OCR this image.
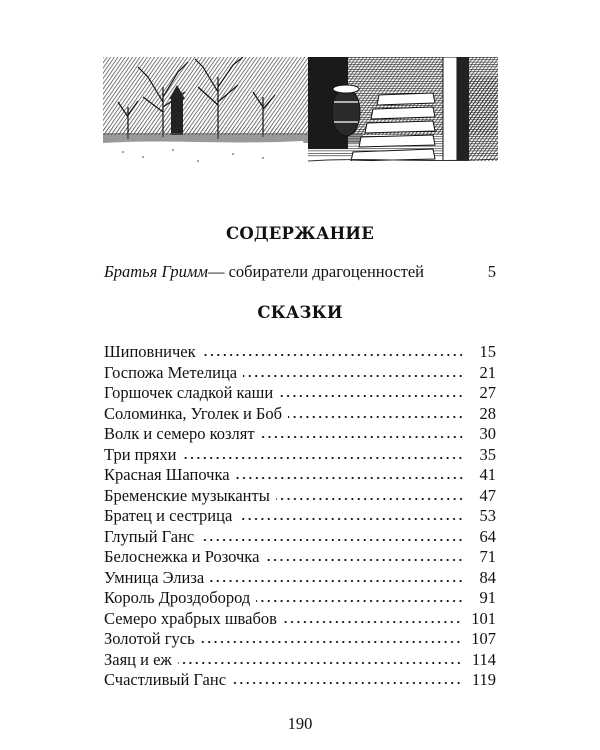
СОДЕРЖАНИЕ
Братья Гримм — собиратели драгоценностей	5
СКАЗКИ
Шиповничек	15
Госпожа Метелица	21
Горшочек сладкой каши	27
Соломинка, Уголек и Боб	28
Волк и семеро козлят	30
Три пряхи	35
Красная Шапочка	41
Бременские музыканты	47
Братец и сестрица	53
Глупый Ганс	64
Белоснежка и Розочка	71
Умница Элиза	84
Король Дроздобород	91
Семеро храбрых швабов	101
Золотой гусь	107
Заяц и еж	114
Счастливый Ганс	119
190
